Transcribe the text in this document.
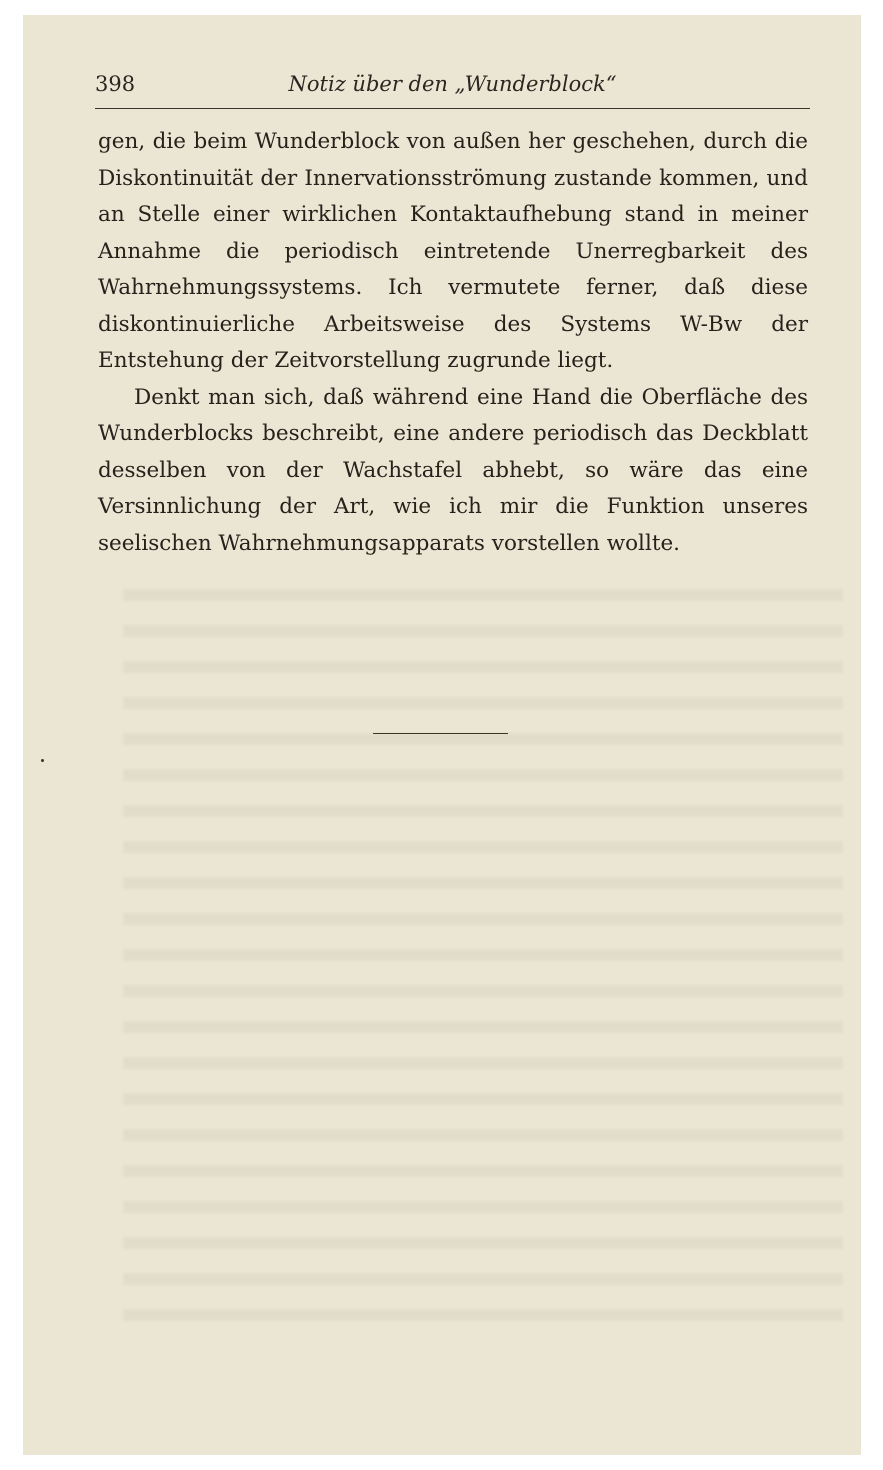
398	Notiz über den „Wunderblock“

gen, die beim Wunderblock von außen her geschehen, durch die Diskontinuität der Innervationsströmung zustande kommen, und an Stelle einer wirklichen Kontaktaufhebung stand in meiner Annahme die periodisch eintretende Unerregbarkeit des Wahrnehmungssystems. Ich vermutete ferner, daß diese diskontinuierliche Arbeitsweise des Systems W-Bw der Entstehung der Zeitvorstellung zugrunde liegt.

Denkt man sich, daß während eine Hand die Oberfläche des Wunderblocks beschreibt, eine andere periodisch das Deckblatt desselben von der Wachstafel abhebt, so wäre das eine Versinnlichung der Art, wie ich mir die Funktion unseres seelischen Wahrnehmungsapparats vorstellen wollte.
